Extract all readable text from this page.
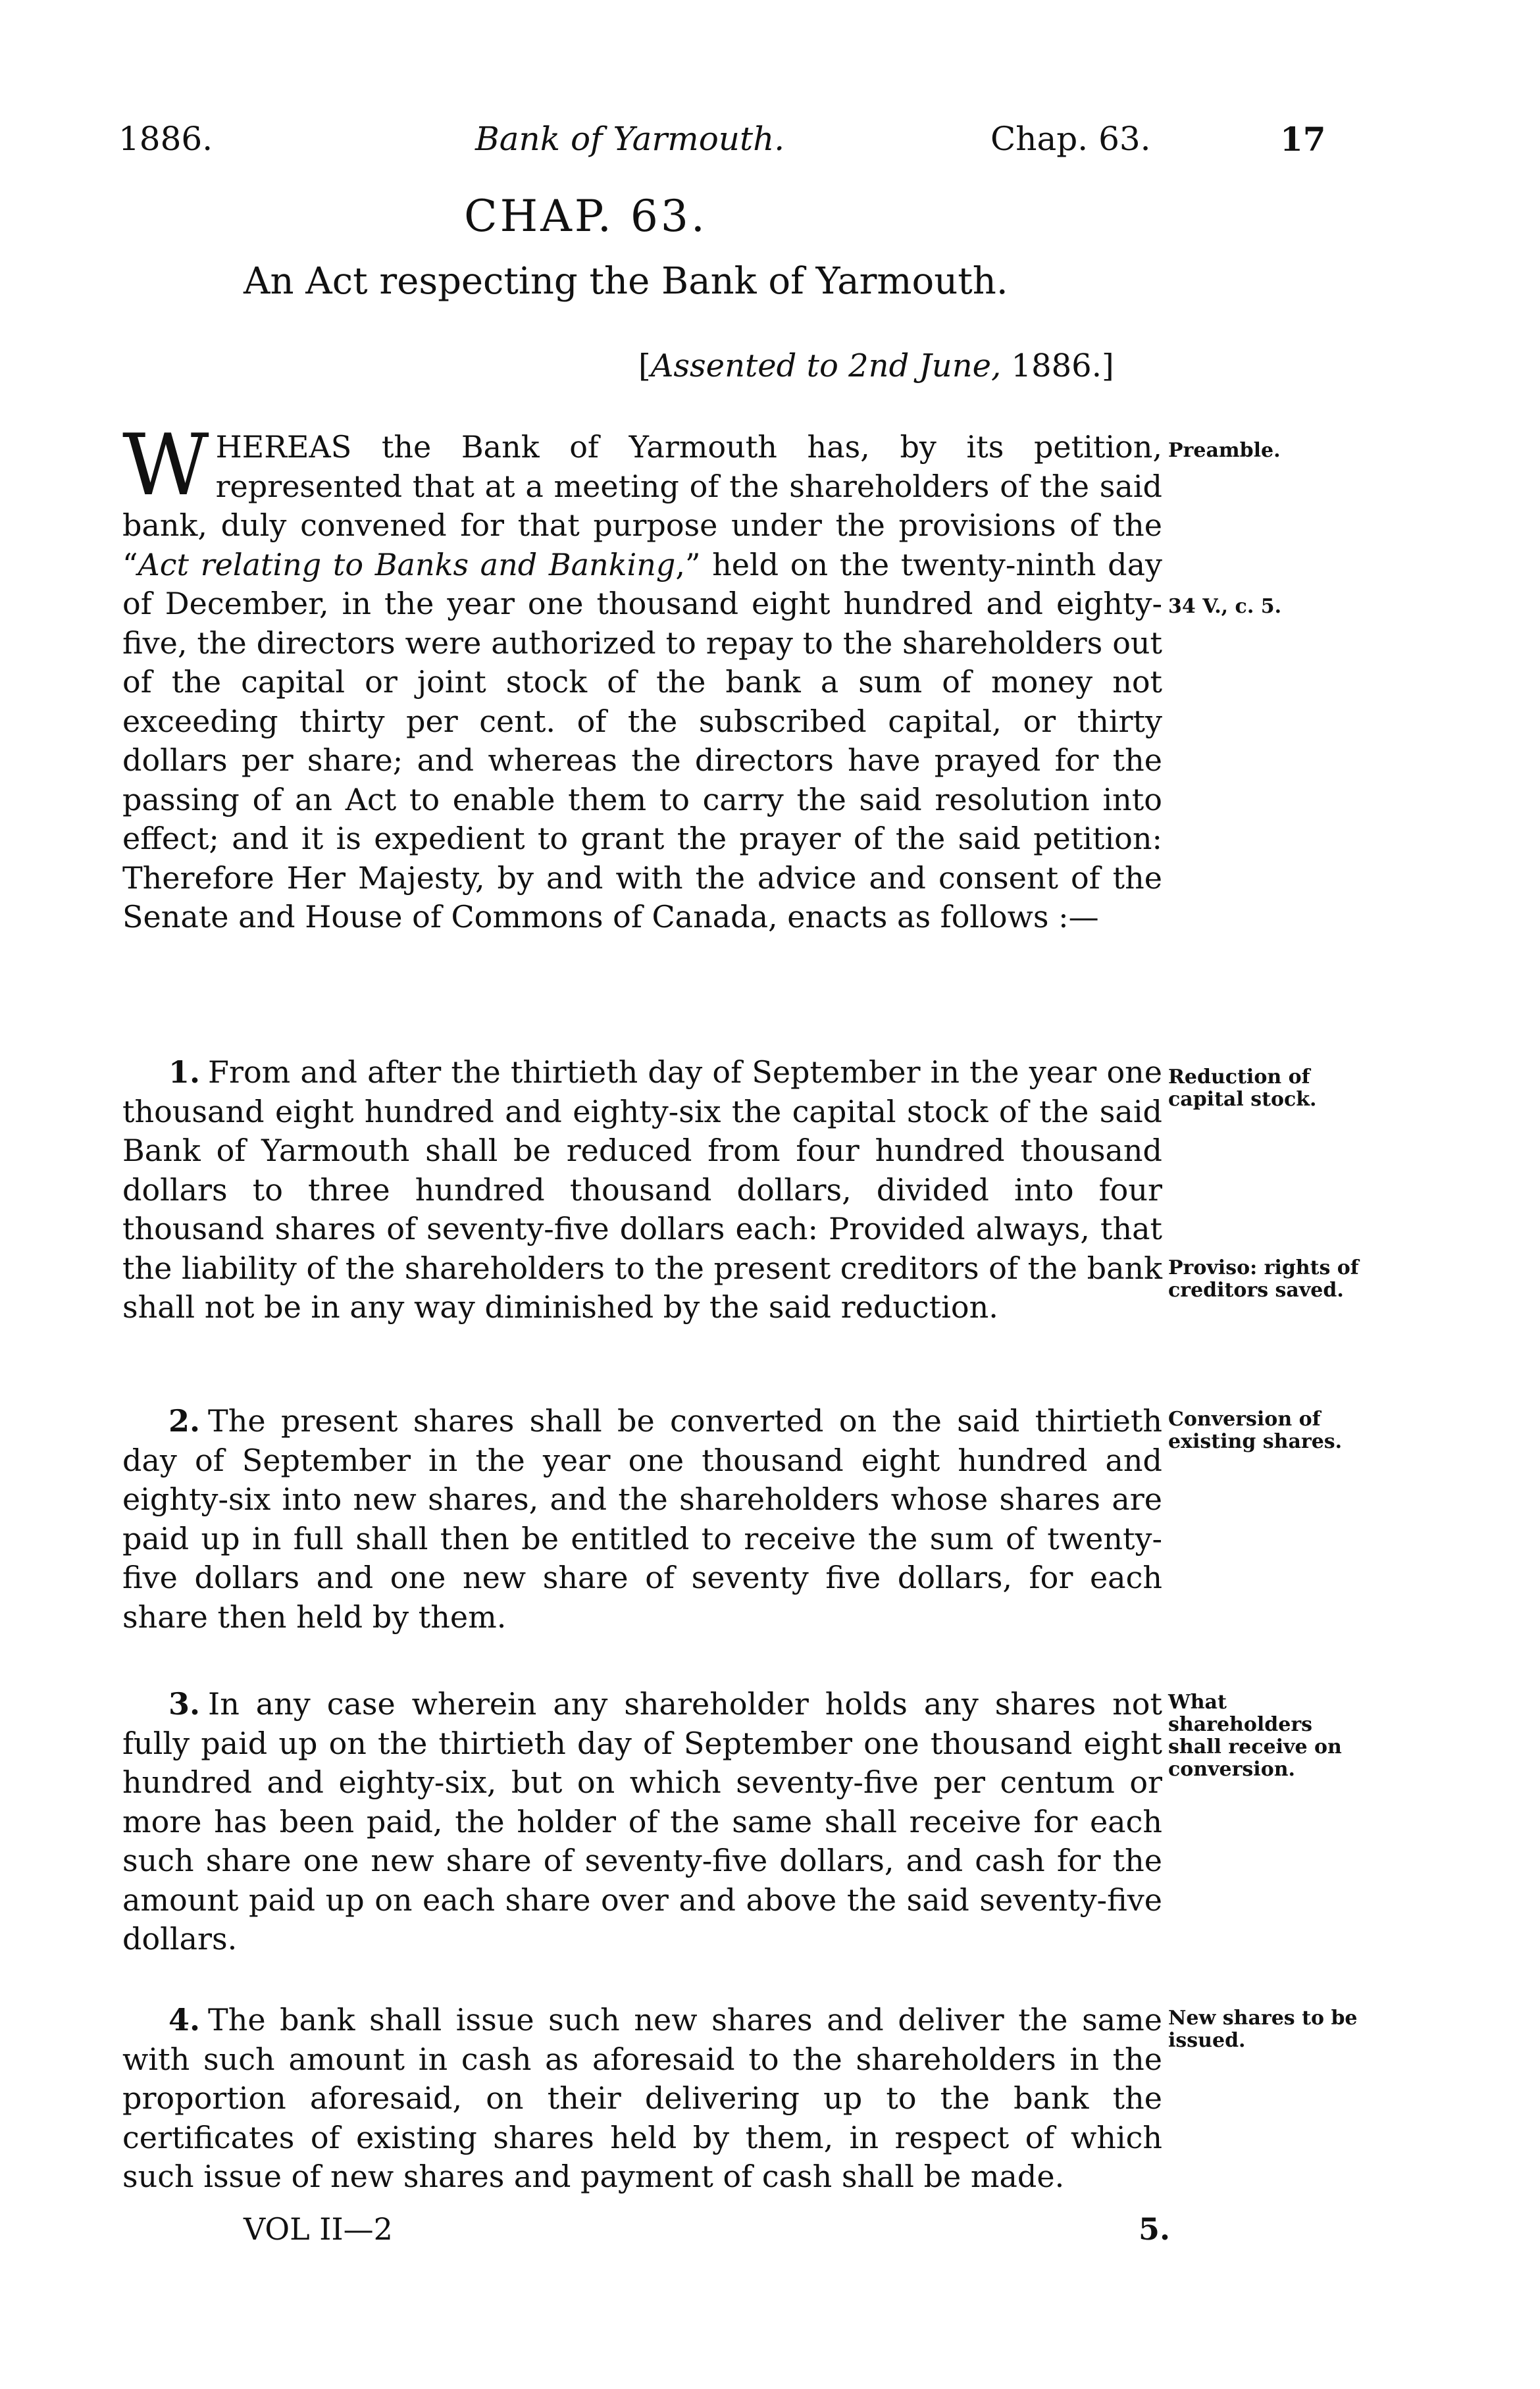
1886.	Bank of Yarmouth.	Chap. 63.	17
CHAP. 63.
An Act respecting the Bank of Yarmouth.
[Assented to 2nd June, 1886.]
WHEREAS the Bank of Yarmouth has, by its petition, represented that at a meeting of the shareholders of the said bank, duly convened for that purpose under the provisions of the “Act relating to Banks and Banking,” held on the twenty-ninth day of December, in the year one thousand eight hundred and eighty-five, the directors were authorized to repay to the shareholders out of the capital or joint stock of the bank a sum of money not exceeding thirty per cent. of the subscribed capital, or thirty dollars per share; and whereas the directors have prayed for the passing of an Act to enable them to carry the said resolution into effect; and it is expedient to grant the prayer of the said petition: Therefore Her Majesty, by and with the advice and consent of the Senate and House of Commons of Canada, enacts as follows :—
1. From and after the thirtieth day of September in the year one thousand eight hundred and eighty-six the capital stock of the said Bank of Yarmouth shall be reduced from four hundred thousand dollars to three hundred thousand dollars, divided into four thousand shares of seventy-five dollars each: Provided always, that the liability of the shareholders to the present creditors of the bank shall not be in any way diminished by the said reduction.
2. The present shares shall be converted on the said thirtieth day of September in the year one thousand eight hundred and eighty-six into new shares, and the shareholders whose shares are paid up in full shall then be entitled to receive the sum of twenty-five dollars and one new share of seventy five dollars, for each share then held by them.
3. In any case wherein any shareholder holds any shares not fully paid up on the thirtieth day of September one thousand eight hundred and eighty-six, but on which seventy-five per centum or more has been paid, the holder of the same shall receive for each such share one new share of seventy-five dollars, and cash for the amount paid up on each share over and above the said seventy-five dollars.
4. The bank shall issue such new shares and deliver the same with such amount in cash as aforesaid to the shareholders in the proportion aforesaid, on their delivering up to the bank the certificates of existing shares held by them, in respect of which such issue of new shares and payment of cash shall be made.
Preamble.
34 V., c. 5.
Reduction of capital stock.
Proviso: rights of creditors saved.
Conversion of existing shares.
What shareholders shall receive on conversion.
New shares to be issued.
VOL II—2	5.
